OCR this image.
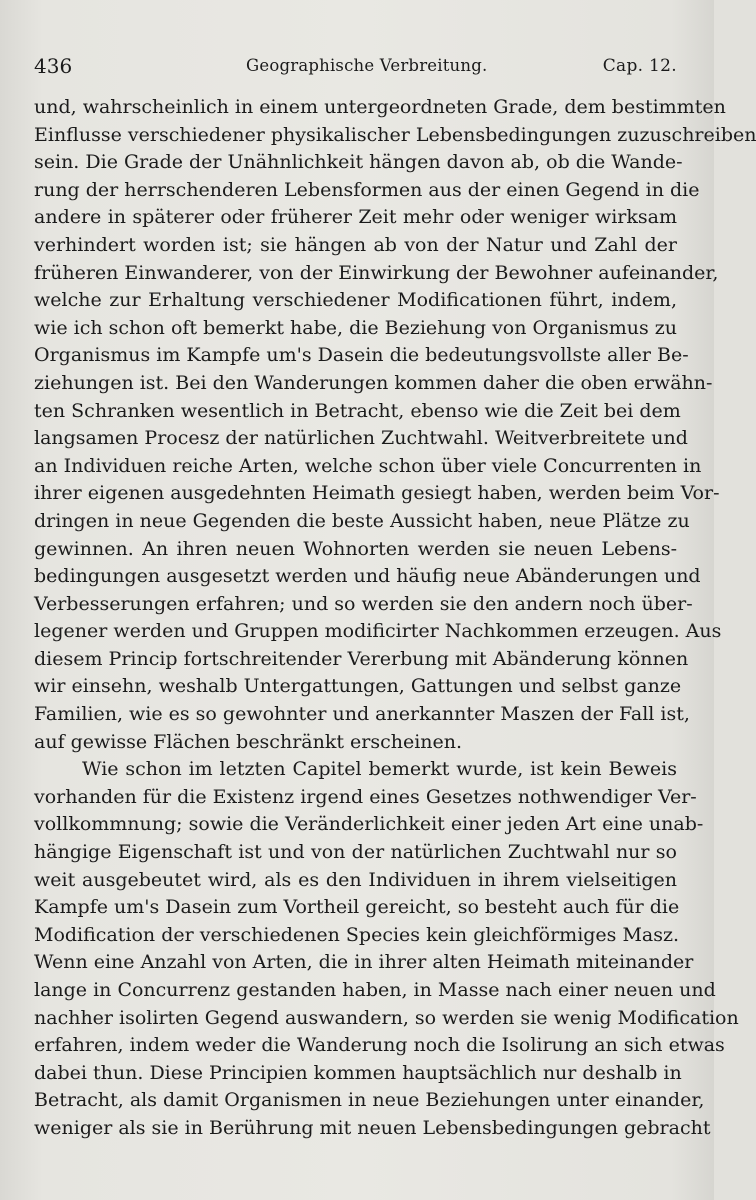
436	Geographische Verbreitung.	Cap. 12.
und, wahrscheinlich in einem untergeordneten Grade, dem bestimmten
Einflusse verschiedener physikalischer Lebensbedingungen zuzuschreiben
sein. Die Grade der Unähnlichkeit hängen davon ab, ob die Wande-
rung der herrschenderen Lebensformen aus der einen Gegend in die
andere in späterer oder früherer Zeit mehr oder weniger wirksam
verhindert worden ist; sie hängen ab von der Natur und Zahl der
früheren Einwanderer, von der Einwirkung der Bewohner aufeinander,
welche zur Erhaltung verschiedener Modificationen führt, indem,
wie ich schon oft bemerkt habe, die Beziehung von Organismus zu
Organismus im Kampfe um's Dasein die bedeutungsvollste aller Be-
ziehungen ist. Bei den Wanderungen kommen daher die oben erwähn-
ten Schranken wesentlich in Betracht, ebenso wie die Zeit bei dem
langsamen Procesz der natürlichen Zuchtwahl. Weitverbreitete und
an Individuen reiche Arten, welche schon über viele Concurrenten in
ihrer eigenen ausgedehnten Heimath gesiegt haben, werden beim Vor-
dringen in neue Gegenden die beste Aussicht haben, neue Plätze zu
gewinnen. An ihren neuen Wohnorten werden sie neuen Lebens-
bedingungen ausgesetzt werden und häufig neue Abänderungen und
Verbesserungen erfahren; und so werden sie den andern noch über-
legener werden und Gruppen modificirter Nachkommen erzeugen. Aus
diesem Princip fortschreitender Vererbung mit Abänderung können
wir einsehn, weshalb Untergattungen, Gattungen und selbst ganze
Familien, wie es so gewohnter und anerkannter Maszen der Fall ist,
auf gewisse Flächen beschränkt erscheinen.
Wie schon im letzten Capitel bemerkt wurde, ist kein Beweis
vorhanden für die Existenz irgend eines Gesetzes nothwendiger Ver-
vollkommnung; sowie die Veränderlichkeit einer jeden Art eine unab-
hängige Eigenschaft ist und von der natürlichen Zuchtwahl nur so
weit ausgebeutet wird, als es den Individuen in ihrem vielseitigen
Kampfe um's Dasein zum Vortheil gereicht, so besteht auch für die
Modification der verschiedenen Species kein gleichförmiges Masz.
Wenn eine Anzahl von Arten, die in ihrer alten Heimath miteinander
lange in Concurrenz gestanden haben, in Masse nach einer neuen und
nachher isolirten Gegend auswandern, so werden sie wenig Modification
erfahren, indem weder die Wanderung noch die Isolirung an sich etwas
dabei thun. Diese Principien kommen hauptsächlich nur deshalb in
Betracht, als damit Organismen in neue Beziehungen unter einander,
weniger als sie in Berührung mit neuen Lebensbedingungen gebracht
